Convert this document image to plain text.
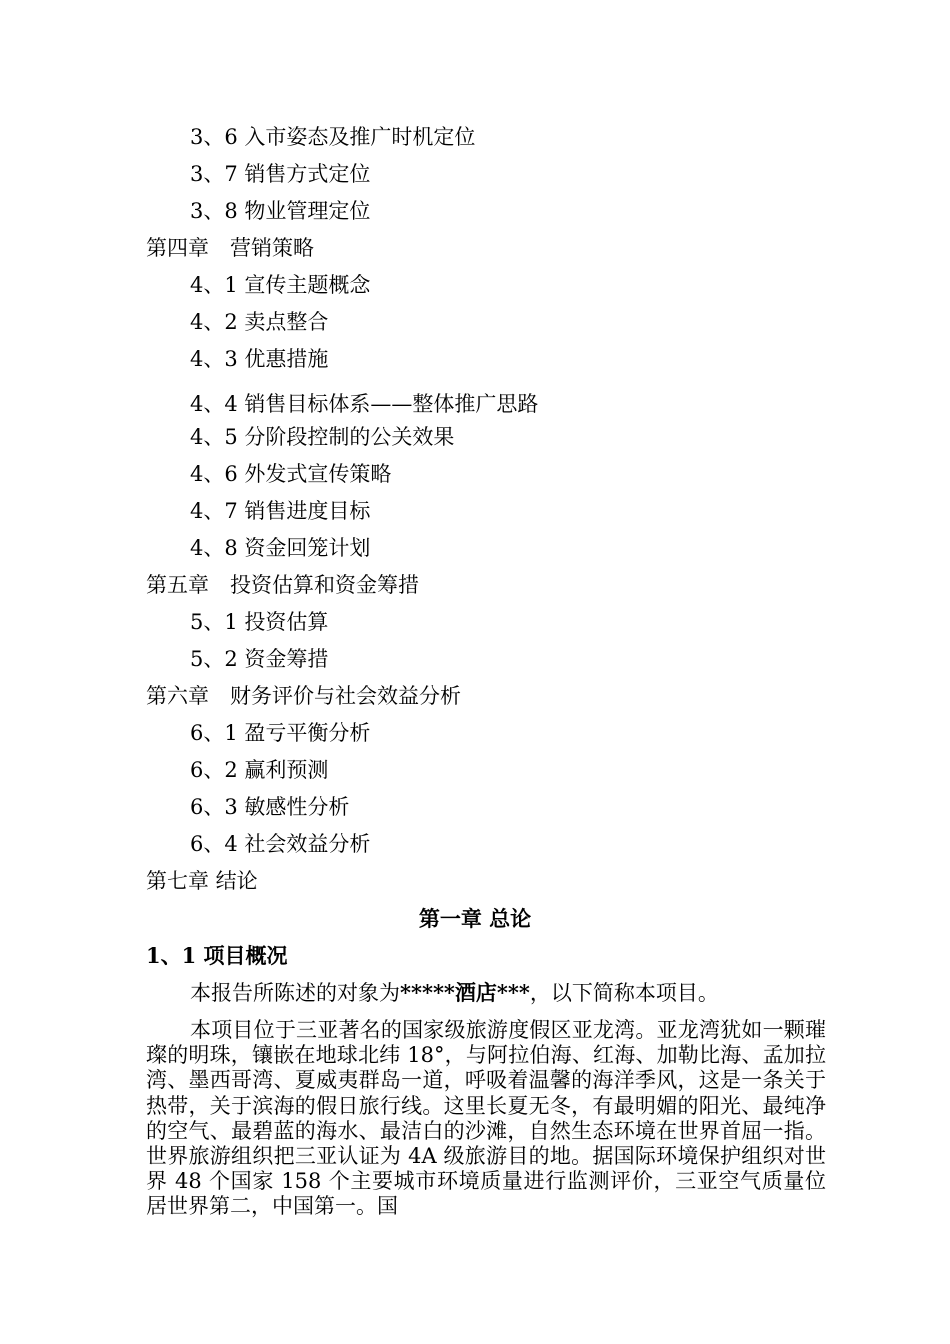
3、6 入市姿态及推广时机定位
3、7 销售方式定位
3、8 物业管理定位
第四章　营销策略
4、1 宣传主题概念
4、2 卖点整合
4、3 优惠措施
4、4 销售目标体系——整体推广思路
4、5 分阶段控制的公关效果
4、6 外发式宣传策略
4、7 销售进度目标
4、8 资金回笼计划
第五章　投资估算和资金筹措
5、1 投资估算
5、2 资金筹措
第六章　财务评价与社会效益分析
6、1 盈亏平衡分析
6、2 赢利预测
6、3 敏感性分析
6、4 社会效益分析
第七章 结论
第一章 总论
1、1 项目概况
本报告所陈述的对象为*****酒店***，以下简称本项目。
本项目位于三亚著名的国家级旅游度假区亚龙湾。亚龙湾犹如一颗璀璨的明珠，镶嵌在地球北纬 18°，与阿拉伯海、红海、加勒比海、孟加拉湾、墨西哥湾、夏威夷群岛一道，呼吸着温馨的海洋季风，这是一条关于热带，关于滨海的假日旅行线。这里长夏无冬，有最明媚的阳光、最纯净的空气、最碧蓝的海水、最洁白的沙滩，自然生态环境在世界首屈一指。世界旅游组织把三亚认证为 4A 级旅游目的地。据国际环境保护组织对世界 48 个国家 158 个主要城市环境质量进行监测评价，三亚空气质量位居世界第二，中国第一。国
